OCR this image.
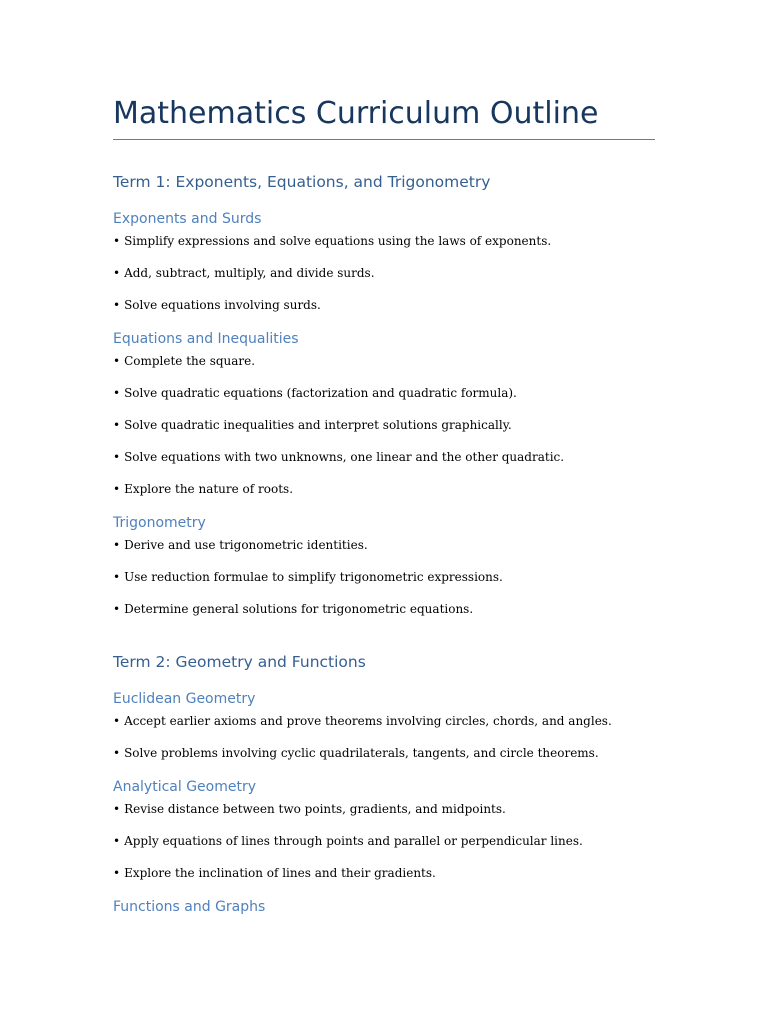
Mathematics Curriculum Outline
Term 1: Exponents, Equations, and Trigonometry
Exponents and Surds

• Simplify expressions and solve equations using the laws of exponents.

• Add, subtract, multiply, and divide surds.

• Solve equations involving surds.

Equations and Inequalities

• Complete the square.

• Solve quadratic equations (factorization and quadratic formula).

• Solve quadratic inequalities and interpret solutions graphically.

• Solve equations with two unknowns, one linear and the other quadratic.

• Explore the nature of roots.

Trigonometry

• Derive and use trigonometric identities.

• Use reduction formulae to simplify trigonometric expressions.

• Determine general solutions for trigonometric equations.

Term 2: Geometry and Functions
Euclidean Geometry

• Accept earlier axioms and prove theorems involving circles, chords, and angles.

• Solve problems involving cyclic quadrilaterals, tangents, and circle theorems.

Analytical Geometry

• Revise distance between two points, gradients, and midpoints.

• Apply equations of lines through points and parallel or perpendicular lines.

• Explore the inclination of lines and their gradients.

Functions and Graphs
